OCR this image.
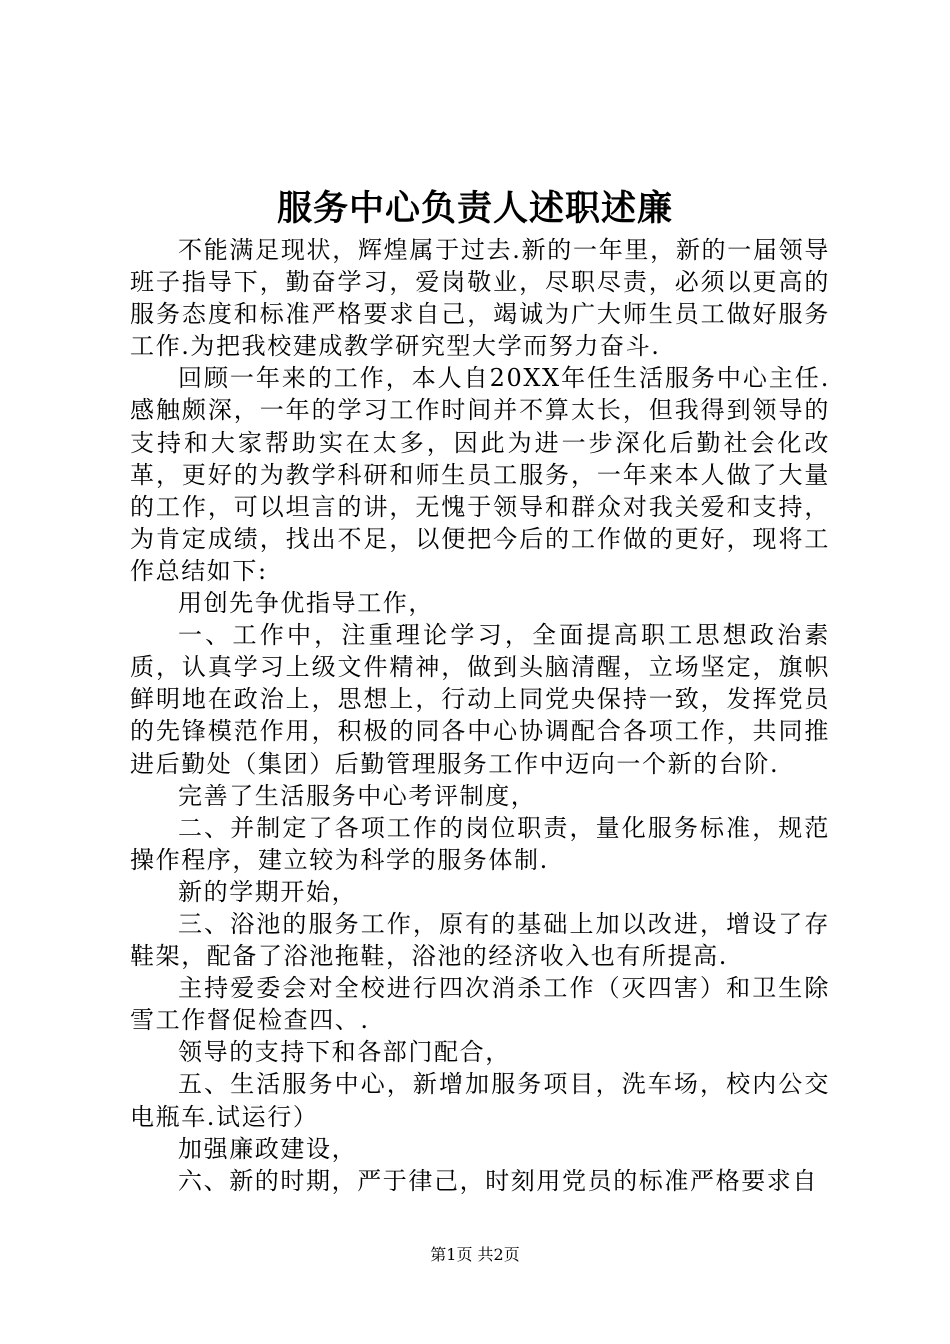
服务中心负责人述职述廉

不能满足现状，辉煌属于过去.新的一年里，新的一届领导班子指导下，勤奋学习，爱岗敬业，尽职尽责，必须以更高的服务态度和标准严格要求自己，竭诚为广大师生员工做好服务工作.为把我校建成教学研究型大学而努力奋斗.

回顾一年来的工作，本人自20XX年任生活服务中心主任.感触颇深，一年的学习工作时间并不算太长，但我得到领导的支持和大家帮助实在太多，因此为进一步深化后勤社会化改革，更好的为教学科研和师生员工服务，一年来本人做了大量的工作，可以坦言的讲，无愧于领导和群众对我关爱和支持，为肯定成绩，找出不足，以便把今后的工作做的更好，现将工作总结如下:

用创先争优指导工作，

一、工作中，注重理论学习，全面提高职工思想政治素质，认真学习上级文件精神，做到头脑清醒，立场坚定，旗帜鲜明地在政治上，思想上，行动上同党央保持一致，发挥党员的先锋模范作用，积极的同各中心协调配合各项工作，共同推进后勤处（集团）后勤管理服务工作中迈向一个新的台阶.

完善了生活服务中心考评制度，

二、并制定了各项工作的岗位职责，量化服务标准，规范操作程序，建立较为科学的服务体制.

新的学期开始，

三、浴池的服务工作，原有的基础上加以改进，增设了存鞋架，配备了浴池拖鞋，浴池的经济收入也有所提高.

主持爱委会对全校进行四次消杀工作（灭四害）和卫生除雪工作督促检查四、.

领导的支持下和各部门配合，

五、生活服务中心，新增加服务项目，洗车场，校内公交电瓶车.试运行）

加强廉政建设，

六、新的时期，严于律己，时刻用党员的标准严格要求自

第1页 共2页
